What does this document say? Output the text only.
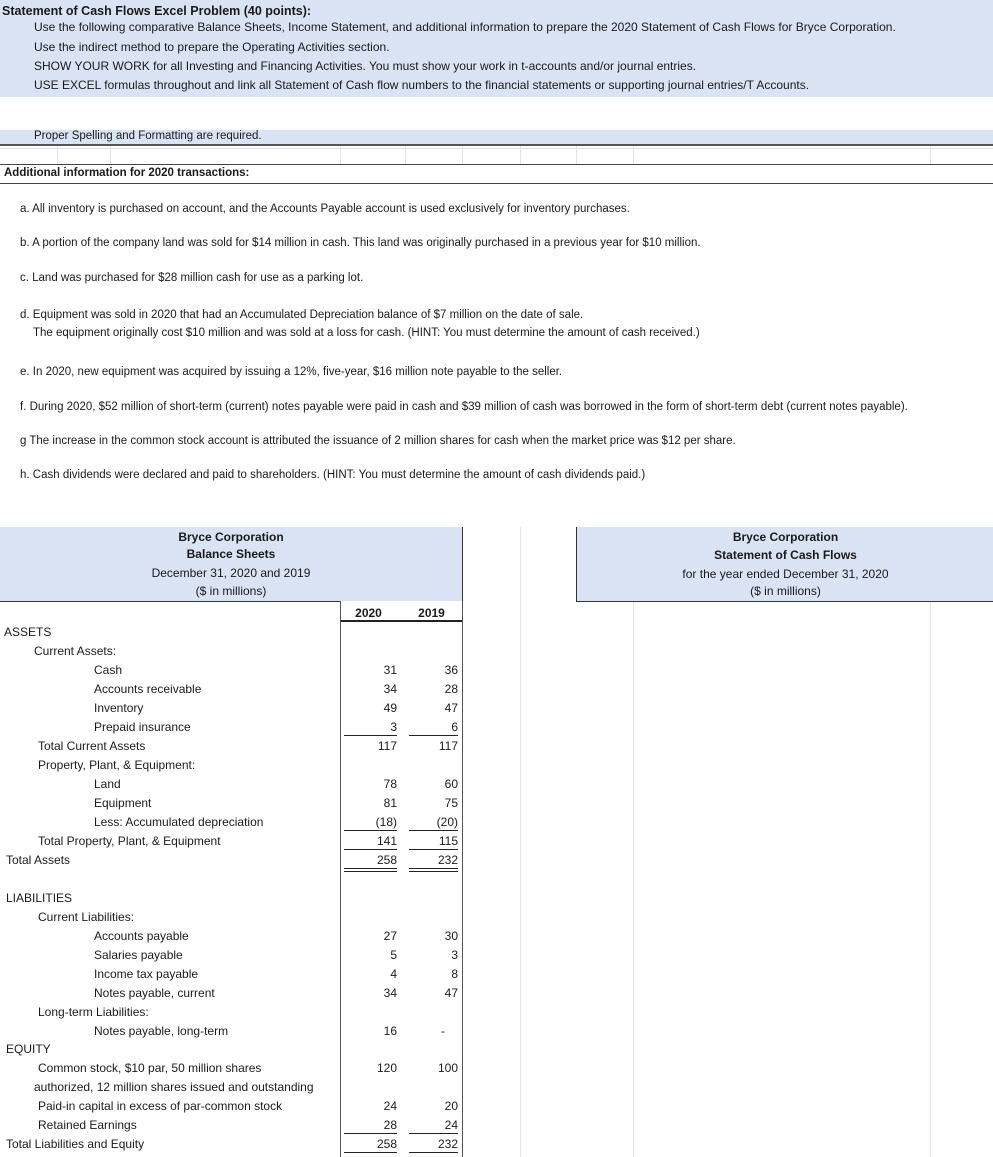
Statement of Cash Flows Excel Problem (40 points):
Use the following comparative Balance Sheets, Income Statement, and additional information to prepare the 2020 Statement of Cash Flows for Bryce Corporation.
Use the indirect method to prepare the Operating Activities section.
SHOW YOUR WORK for all Investing and Financing Activities. You must show your work in t-accounts and/or journal entries.
USE EXCEL formulas throughout and link all Statement of Cash flow numbers to the financial statements or supporting journal entries/T Accounts.
Proper Spelling and Formatting are required.
Additional information for 2020 transactions:
a. All inventory is purchased on account, and the Accounts Payable account is used exclusively for inventory purchases.
b. A portion of the company land was sold for $14 million in cash. This land was originally purchased in a previous year for $10 million.
c. Land was purchased for $28 million cash for use as a parking lot.
d. Equipment was sold in 2020 that had an Accumulated Depreciation balance of $7 million on the date of sale.
The equipment originally cost $10 million and was sold at a loss for cash. (HINT: You must determine the amount of cash received.)
e. In 2020, new equipment was acquired by issuing a 12%, five-year, $16 million note payable to the seller.
f. During 2020, $52 million of short-term (current) notes payable were paid in cash and $39 million of cash was borrowed in the form of short-term debt (current notes payable).
g The increase in the common stock account is attributed the issuance of 2 million shares for cash when the market price was $12 per share.
h. Cash dividends were declared and paid to shareholders. (HINT: You must determine the amount of cash dividends paid.)
Bryce Corporation
Balance Sheets
December 31, 2020 and 2019
($ in millions)
Bryce Corporation
Statement of Cash Flows
for the year ended December 31, 2020
($ in millions)
2020	2019
ASSETS
Current Assets:
Cash	31	36
Accounts receivable	34	28
Inventory	49	47
Prepaid insurance	3	6
Total Current Assets	117	117
Property, Plant, & Equipment:
Land	78	60
Equipment	81	75
Less: Accumulated depreciation	(18)	(20)
Total Property, Plant, & Equipment	141	115
Total Assets	258	232
LIABILITIES
Current Liabilities:
Accounts payable	27	30
Salaries payable	5	3
Income tax payable	4	8
Notes payable, current	34	47
Long-term Liabilities:
Notes payable, long-term	16	-
EQUITY
Common stock, $10 par, 50 million shares	120	100
authorized, 12 million shares issued and outstanding
Paid-in capital in excess of par-common stock	24	20
Retained Earnings	28	24
Total Liabilities and Equity	258	232
